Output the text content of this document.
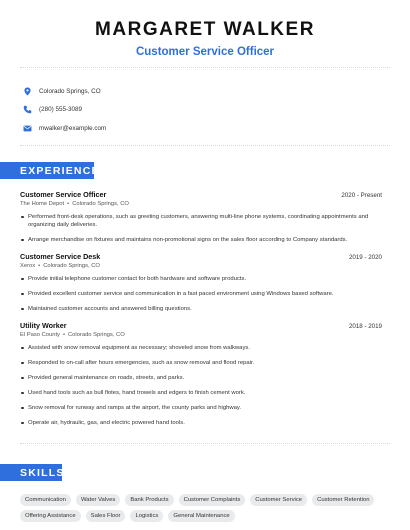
MARGARET WALKER
Customer Service Officer
Colorado Springs, CO
(280) 555-3089
mwalker@example.com
EXPERIENCE
Customer Service Officer	2020 - Present
The Home Depot • Colorado Springs, CO
Performed front-desk operations, such as greeting customers, answering multi-line phone systems, coordinating appointments and organizing daily deliveries.
Arrange merchandise on fixtures and maintains non-promotional signs on the sales floor according to Company standards.
Customer Service Desk	2019 - 2020
Xerox • Colorado Springs, CO
Provide initial telephone customer contact for both hardware and software products.
Provided excellent customer service and communication in a fast paced environment using Windows based software.
Maintained customer accounts and answered billing questions.
Utility Worker	2018 - 2019
El Paso County • Colorado Springs, CO
Assisted with snow removal equipment as necessary; shoveled snow from walkways.
Responded to on-call after hours emergencies, such as snow removal and flood repair.
Provided general maintenance on roads, streets, and parks.
Used hand tools such as bull flotes, hand trowels and edgers to finish cement work.
Snow removal for runway and ramps at the airport, the county parks and highway.
Operate air, hydraulic, gas, and electric powered hand tools.
SKILLS
Communication	Water Valves	Bank Products	Customer Complaints	Customer Service	Customer Retention
Offering Assistance	Sales Floor	Logistics	General Maintenance
